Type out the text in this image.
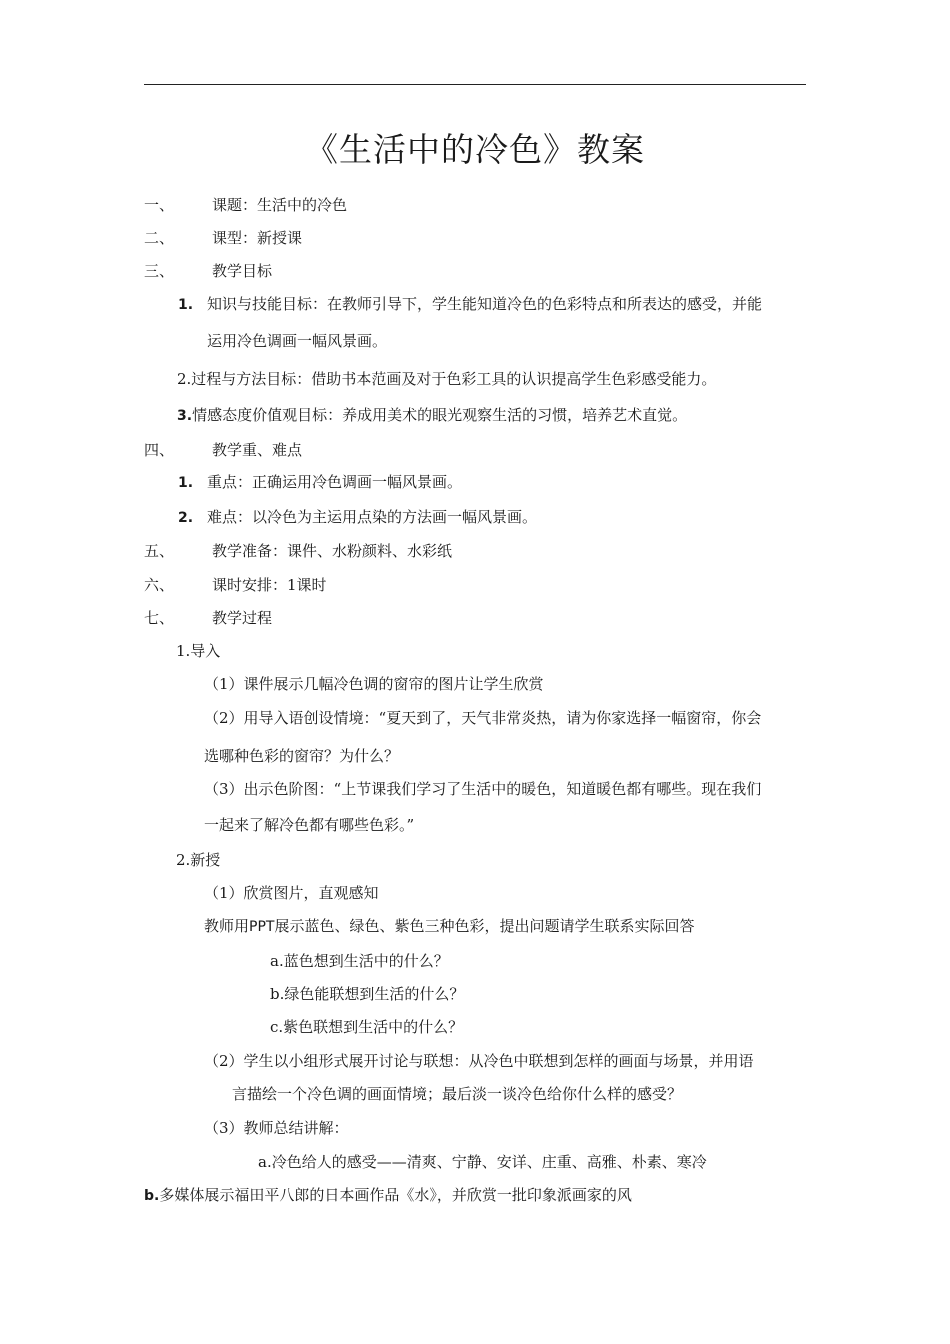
《生活中的冷色》教案
一、	课题：生活中的冷色
二、	课型：新授课
三、	教学目标
1. 知识与技能目标：在教师引导下，学生能知道冷色的色彩特点和所表达的感受，并能
运用冷色调画一幅风景画。
2.过程与方法目标：借助书本范画及对于色彩工具的认识提高学生色彩感受能力。
3.情感态度价值观目标：养成用美术的眼光观察生活的习惯，培养艺术直觉。
四、	教学重、难点
1. 重点：正确运用冷色调画一幅风景画。
2. 难点：以冷色为主运用点染的方法画一幅风景画。
五、	教学准备：课件、水粉颜料、水彩纸
六、	课时安排：1课时
七、	教学过程
1.导入
（1）课件展示几幅冷色调的窗帘的图片让学生欣赏
（2）用导入语创设情境：“夏天到了，天气非常炎热，请为你家选择一幅窗帘，你会
选哪种色彩的窗帘？为什么？
（3）出示色阶图：“上节课我们学习了生活中的暖色，知道暖色都有哪些。现在我们
一起来了解冷色都有哪些色彩。”
2.新授
（1）欣赏图片，直观感知
教师用PPT展示蓝色、绿色、紫色三种色彩，提出问题请学生联系实际回答
a.蓝色想到生活中的什么？
b.绿色能联想到生活的什么？
c.紫色联想到生活中的什么？
（2）学生以小组形式展开讨论与联想：从冷色中联想到怎样的画面与场景，并用语
言描绘一个冷色调的画面情境；最后淡一谈冷色给你什么样的感受？
（3）教师总结讲解：
a.冷色给人的感受——清爽、宁静、安详、庄重、高雅、朴素、寒冷
b.多媒体展示福田平八郎的日本画作品《水》，并欣赏一批印象派画家的风
